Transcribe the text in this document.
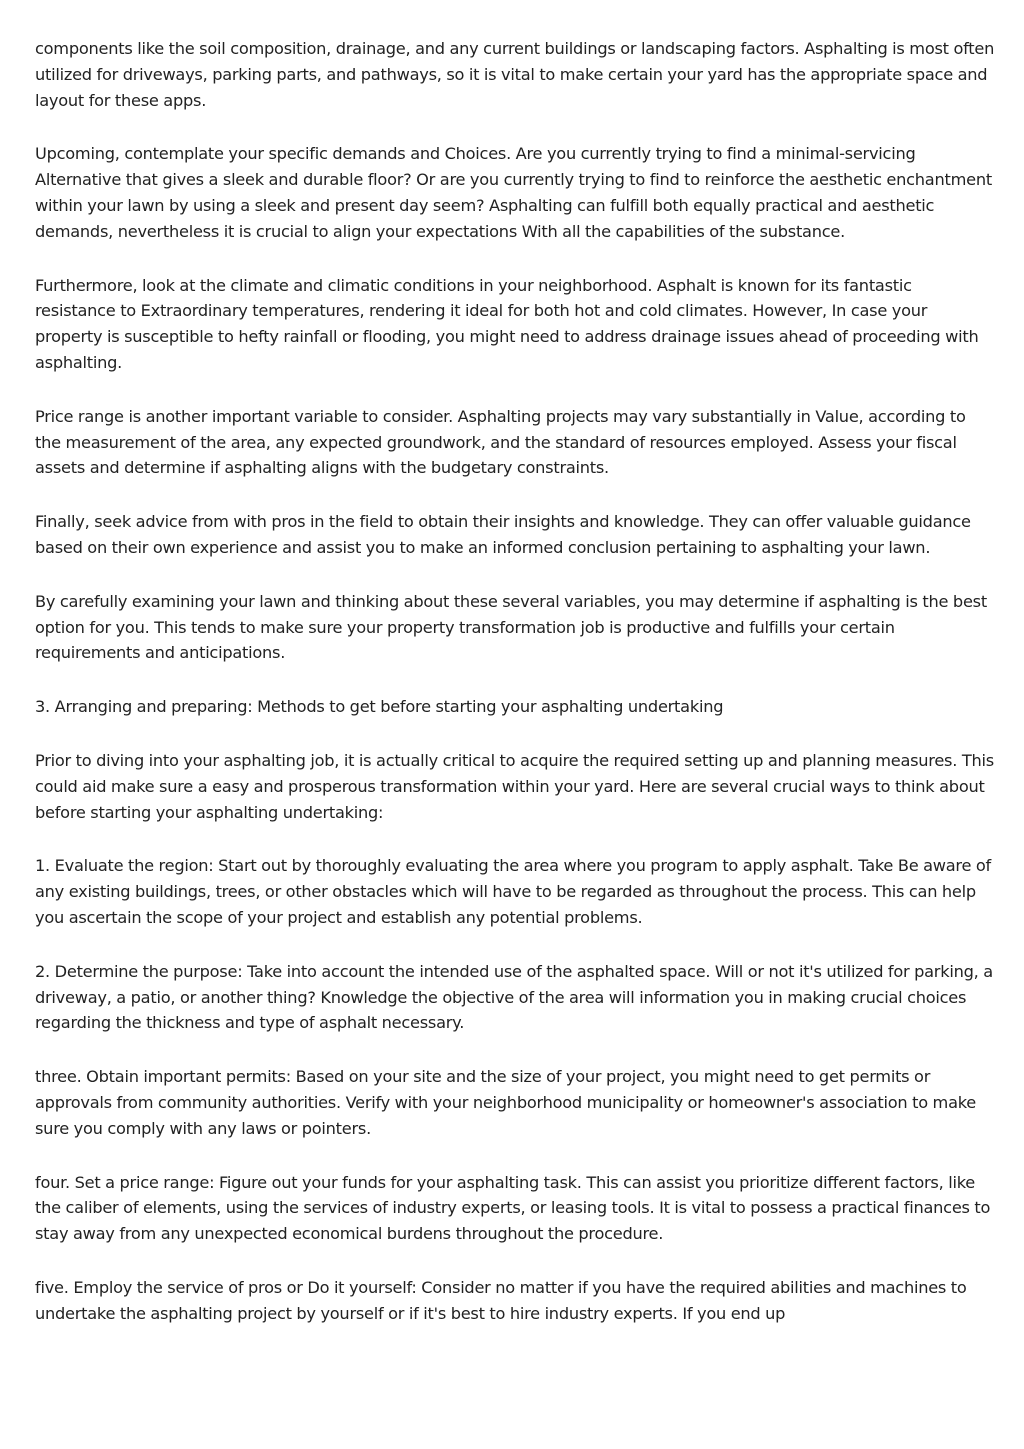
components like the soil composition, drainage, and any current buildings or landscaping factors. Asphalting is most often utilized for driveways, parking parts, and pathways, so it is vital to make certain your yard has the appropriate space and layout for these apps.

Upcoming, contemplate your specific demands and Choices. Are you currently trying to find a minimal-servicing Alternative that gives a sleek and durable floor? Or are you currently trying to find to reinforce the aesthetic enchantment within your lawn by using a sleek and present day seem? Asphalting can fulfill both equally practical and aesthetic demands, nevertheless it is crucial to align your expectations With all the capabilities of the substance.

Furthermore, look at the climate and climatic conditions in your neighborhood. Asphalt is known for its fantastic resistance to Extraordinary temperatures, rendering it ideal for both hot and cold climates. However, In case your property is susceptible to hefty rainfall or flooding, you might need to address drainage issues ahead of proceeding with asphalting.

Price range is another important variable to consider. Asphalting projects may vary substantially in Value, according to the measurement of the area, any expected groundwork, and the standard of resources employed. Assess your fiscal assets and determine if asphalting aligns with the budgetary constraints.

Finally, seek advice from with pros in the field to obtain their insights and knowledge. They can offer valuable guidance based on their own experience and assist you to make an informed conclusion pertaining to asphalting your lawn.

By carefully examining your lawn and thinking about these several variables, you may determine if asphalting is the best option for you. This tends to make sure your property transformation job is productive and fulfills your certain requirements and anticipations.

3. Arranging and preparing: Methods to get before starting your asphalting undertaking

Prior to diving into your asphalting job, it is actually critical to acquire the required setting up and planning measures. This could aid make sure a easy and prosperous transformation within your yard. Here are several crucial ways to think about before starting your asphalting undertaking:

1. Evaluate the region: Start out by thoroughly evaluating the area where you program to apply asphalt. Take Be aware of any existing buildings, trees, or other obstacles which will have to be regarded as throughout the process. This can help you ascertain the scope of your project and establish any potential problems.

2. Determine the purpose: Take into account the intended use of the asphalted space. Will or not it's utilized for parking, a driveway, a patio, or another thing? Knowledge the objective of the area will information you in making crucial choices regarding the thickness and type of asphalt necessary.

three. Obtain important permits: Based on your site and the size of your project, you might need to get permits or approvals from community authorities. Verify with your neighborhood municipality or homeowner's association to make sure you comply with any laws or pointers.

four. Set a price range: Figure out your funds for your asphalting task. This can assist you prioritize different factors, like the caliber of elements, using the services of industry experts, or leasing tools. It is vital to possess a practical finances to stay away from any unexpected economical burdens throughout the procedure.

five. Employ the service of pros or Do it yourself: Consider no matter if you have the required abilities and machines to undertake the asphalting project by yourself or if it's best to hire industry experts. If you end up
